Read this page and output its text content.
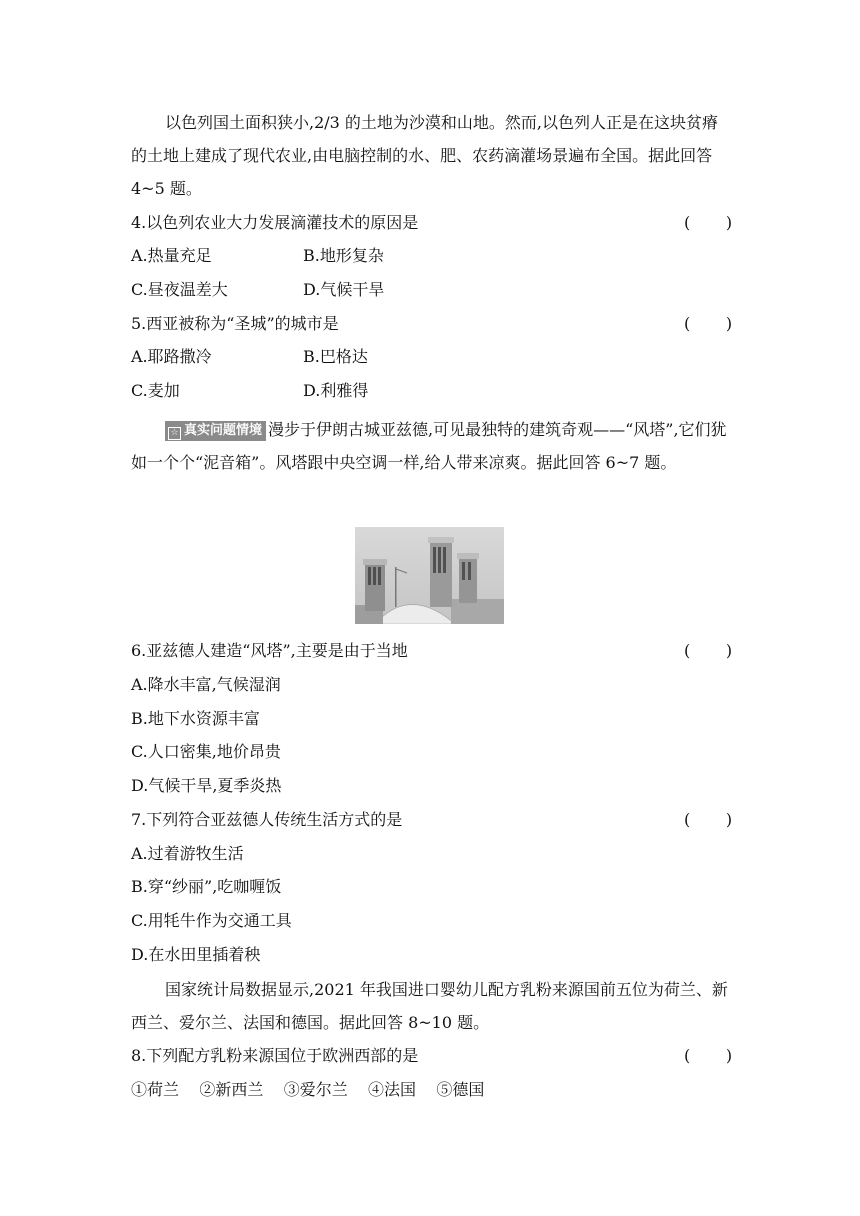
以色列国土面积狭小,2/3 的土地为沙漠和山地。然而,以色列人正是在这块贫瘠的土地上建成了现代农业,由电脑控制的水、肥、农药滴灌场景遍布全国。据此回答 4~5 题。
4.以色列农业大力发展滴灌技术的原因是	(       )
A.热量充足	B.地形复杂
C.昼夜温差大	D.气候干旱
5.西亚被称为“圣城”的城市是	(       )
A.耶路撒冷	B.巴格达
C.麦加	D.利雅得
☆ 真实问题情境 漫步于伊朗古城亚兹德,可见最独特的建筑奇观——“风塔”,它们犹如一个个“泥音箱”。风塔跟中央空调一样,给人带来凉爽。据此回答 6~7 题。
6.亚兹德人建造“风塔”,主要是由于当地	(       )
A.降水丰富,气候湿润
B.地下水资源丰富
C.人口密集,地价昂贵
D.气候干旱,夏季炎热
7.下列符合亚兹德人传统生活方式的是	(       )
A.过着游牧生活
B.穿“纱丽”,吃咖喱饭
C.用牦牛作为交通工具
D.在水田里插着秧
国家统计局数据显示,2021 年我国进口婴幼儿配方乳粉来源国前五位为荷兰、新西兰、爱尔兰、法国和德国。据此回答 8~10 题。
8.下列配方乳粉来源国位于欧洲西部的是	(       )
①荷兰    ②新西兰    ③爱尔兰    ④法国    ⑤德国
